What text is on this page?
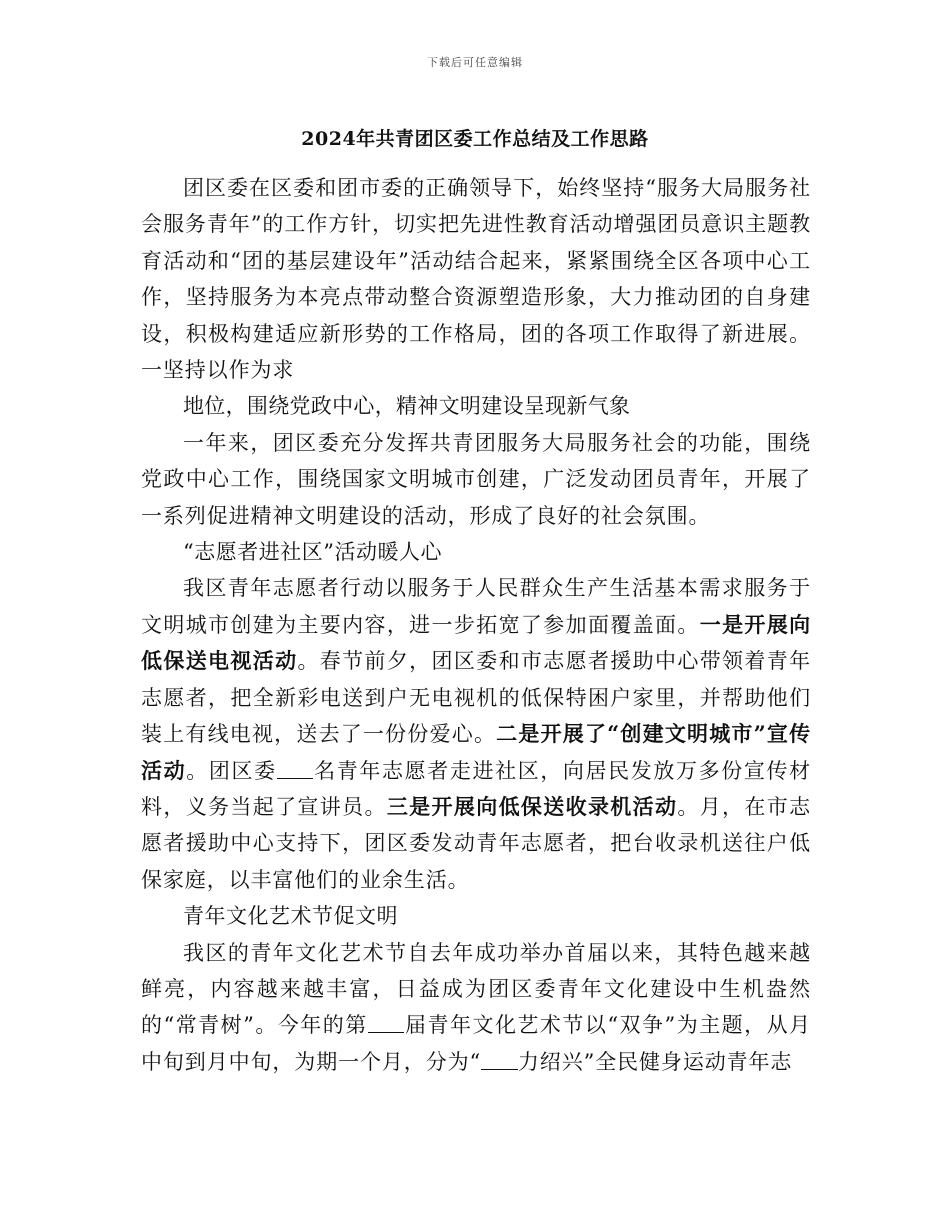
下载后可任意编辑
2024年共青团区委工作总结及工作思路

团区委在区委和团市委的正确领导下，始终坚持“服务大局服务社会服务青年”的工作方针，切实把先进性教育活动增强团员意识主题教育活动和“团的基层建设年”活动结合起来，紧紧围绕全区各项中心工作，坚持服务为本亮点带动整合资源塑造形象，大力推动团的自身建设，积极构建适应新形势的工作格局，团的各项工作取得了新进展。一坚持以作为求

地位，围绕党政中心，精神文明建设呈现新气象

一年来，团区委充分发挥共青团服务大局服务社会的功能，围绕党政中心工作，围绕国家文明城市创建，广泛发动团员青年，开展了一系列促进精神文明建设的活动，形成了良好的社会氛围。

“志愿者进社区”活动暖人心

我区青年志愿者行动以服务于人民群众生产生活基本需求服务于文明城市创建为主要内容，进一步拓宽了参加面覆盖面。一是开展向低保送电视活动。春节前夕，团区委和市志愿者援助中心带领着青年志愿者，把全新彩电送到户无电视机的低保特困户家里，并帮助他们装上有线电视，送去了一份份爱心。二是开展了“创建文明城市”宣传活动。团区委 名青年志愿者走进社区，向居民发放万多份宣传材料，义务当起了宣讲员。三是开展向低保送收录机活动。月，在市志愿者援助中心支持下，团区委发动青年志愿者，把台收录机送往户低保家庭，以丰富他们的业余生活。

青年文化艺术节促文明

我区的青年文化艺术节自去年成功举办首届以来，其特色越来越鲜亮，内容越来越丰富，日益成为团区委青年文化建设中生机盎然的“常青树”。今年的第 届青年文化艺术节以“双争”为主题，从月中旬到月中旬，为期一个月，分为“ 力绍兴”全民健身运动青年志
